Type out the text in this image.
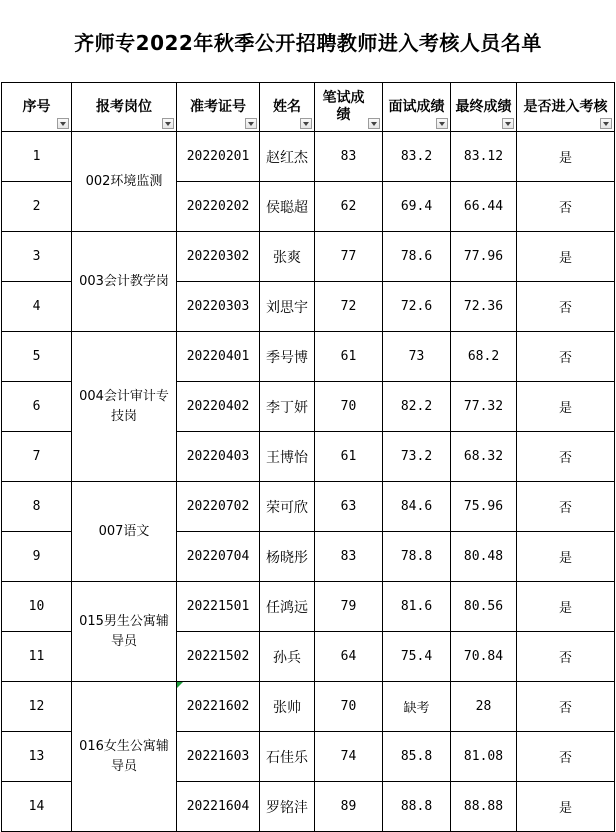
齐师专2022年秋季公开招聘教师进入考核人员名单
序号	报考岗位	准考证号	姓名	笔试成绩	面试成绩	最终成绩	是否进入考核

1	002环境监测	20220201	赵红杰	83	83.2	83.12	是
2		20220202	侯聪超	62	69.4	66.44	否
3	003会计教学岗	20220302	张爽	77	78.6	77.96	是
4		20220303	刘思宇	72	72.6	72.36	否
5	004会计审计专技岗	20220401	季号博	61	73	68.2	否
6		20220402	李丁妍	70	82.2	77.32	是
7		20220403	王博怡	61	73.2	68.32	否
8	007语文	20220702	荣可欣	63	84.6	75.96	否
9		20220704	杨晓彤	83	78.8	80.48	是
10	015男生公寓辅导员	20221501	任鸿远	79	81.6	80.56	是
11		20221502	孙兵	64	75.4	70.84	否
12	016女生公寓辅导员	20221602	张帅	70	缺考	28	否
13		20221603	石佳乐	74	85.8	81.08	否
14		20221604	罗铭沣	89	88.8	88.88	是
